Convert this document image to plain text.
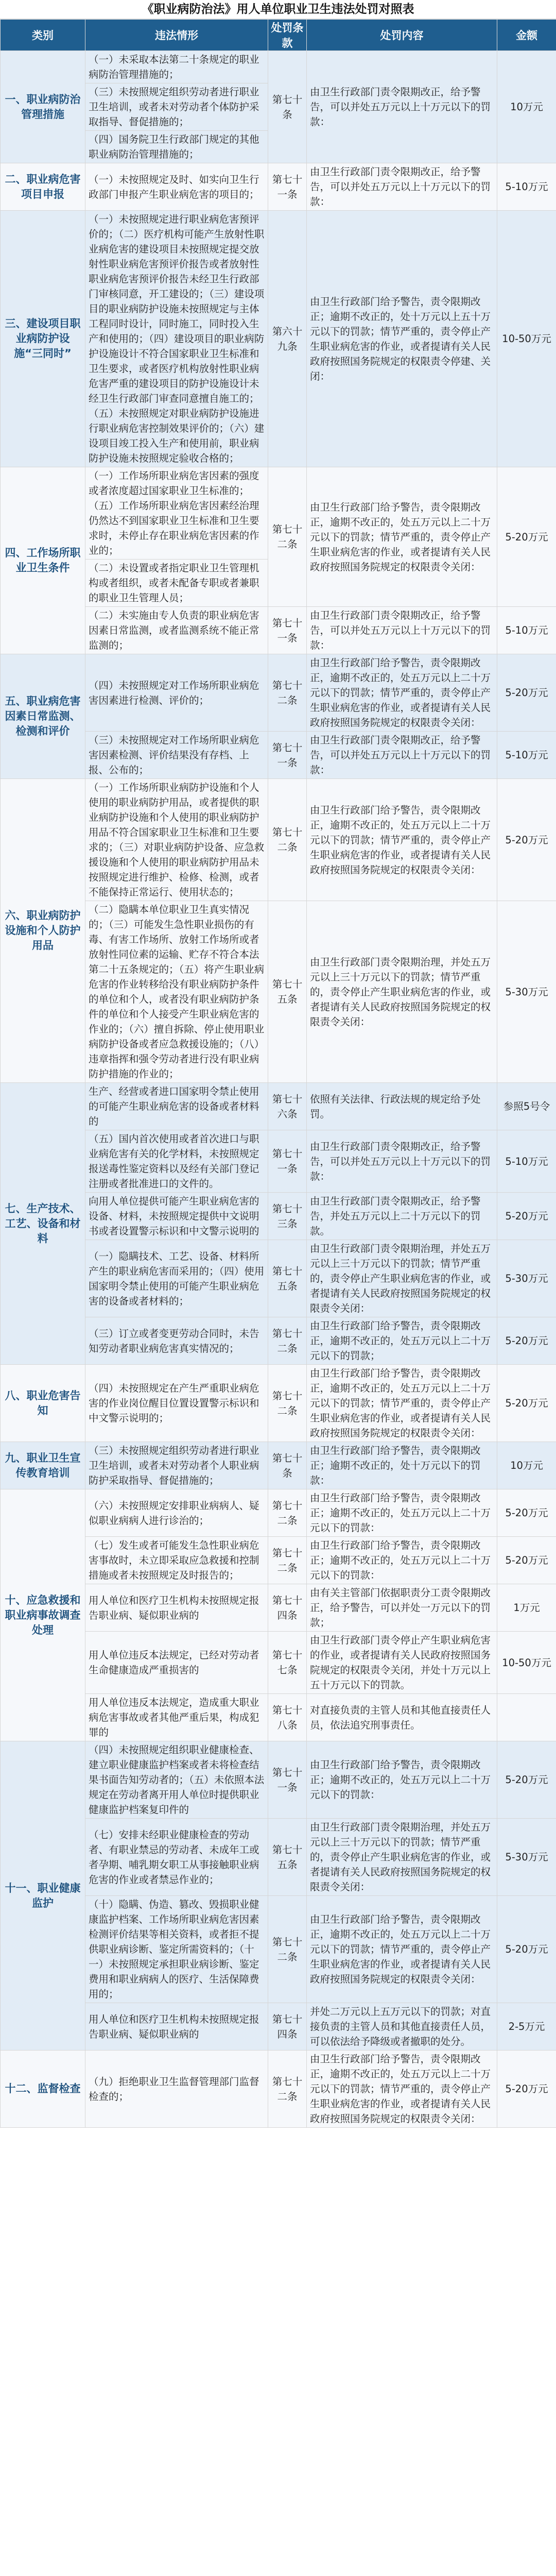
《职业病防治法》用人单位职业卫生违法处罚对照表
类别	违法情形	处罚条款	处罚内容	金额
一、职业病防治管理措施	（一）未采取本法第二十条规定的职业病防治管理措施的；	第七十条	由卫生行政部门责令限期改正，给予警告，可以并处五万元以上十万元以下的罚款：	10万元
	（三）未按照规定组织劳动者进行职业卫生培训，或者未对劳动者个体防护采取指导、督促措施的；			
	（四）国务院卫生行政部门规定的其他职业病防治管理措施的；			
二、职业病危害项目申报	（一）未按照规定及时、如实向卫生行政部门申报产生职业病危害的项目的；	第七十一条	由卫生行政部门责令限期改正，给予警告，可以并处五万元以上十万元以下的罚款：	5-10万元
三、建设项目职业病防护设施“三同时”	（一）未按照规定进行职业病危害预评价的；（二）医疗机构可能产生放射性职业病危害的建设项目未按照规定提交放射性职业病危害预评价报告或者放射性职业病危害预评价报告未经卫生行政部门审核同意，开工建设的；（三）建设项目的职业病防护设施未按照规定与主体工程同时设计，同时施工，同时投入生产和使用的；（四）建设项目的职业病防护设施设计不符合国家职业卫生标准和卫生要求，或者医疗机构放射性职业病危害严重的建设项目的防护设施设计未经卫生行政部门审查同意擅自施工的；（五）未按照规定对职业病防护设施进行职业病危害控制效果评价的；（六）建设项目竣工投入生产和使用前，职业病防护设施未按照规定验收合格的；	第六十九条	由卫生行政部门给予警告，责令限期改正；逾期不改正的，处十万元以上五十万元以下的罚款；情节严重的，责令停止产生职业病危害的作业，或者提请有关人民政府按照国务院规定的权限责令停建、关闭：	10-50万元
四、工作场所职业卫生条件	（一）工作场所职业病危害因素的强度或者浓度超过国家职业卫生标准的；（五）工作场所职业病危害因素经治理仍然达不到国家职业卫生标准和卫生要求时，未停止存在职业病危害因素的作业的；	第七十二条	由卫生行政部门给予警告，责令限期改正，逾期不改正的，处五万元以上二十万元以下的罚款；情节严重的，责令停止产生职业病危害的作业，或者提请有关人民政府按照国务院规定的权限责令关闭：	5-20万元
	（二）未设置或者指定职业卫生管理机构或者组织，或者未配备专职或者兼职的职业卫生管理人员；			
	（二）未实施由专人负责的职业病危害因素日常监测，或者监测系统不能正常监测的；	第七十一条	由卫生行政部门责令限期改正，给予警告，可以并处五万元以上十万元以下的罚款：	5-10万元
五、职业病危害因素日常监测、检测和评价	（四）未按照规定对工作场所职业病危害因素进行检测、评价的；	第七十二条	由卫生行政部门给予警告，责令限期改正，逾期不改正的，处五万元以上二十万元以下的罚款；情节严重的，责令停止产生职业病危害的作业，或者提请有关人民政府按照国务院规定的权限责令关闭：	5-20万元
	（三）未按照规定对工作场所职业病危害因素检测、评价结果没有存档、上报、公布的；	第七十一条	由卫生行政部门责令限期改正，给予警告，可以并处五万元以上十万元以下的罚款：	5-10万元
六、职业病防护设施和个人防护用品	（一）工作场所职业病防护设施和个人使用的职业病防护用品，或者提供的职业病防护设施和个人使用的职业病防护用品不符合国家职业卫生标准和卫生要求的；（三）对职业病防护设备、应急救援设施和个人使用的职业病防护用品未按照规定进行维护、检修、检测，或者不能保持正常运行、使用状态的；	第七十二条	由卫生行政部门给予警告，责令限期改正，逾期不改正的，处五万元以上二十万元以下的罚款；情节严重的，责令停止产生职业病危害的作业，或者提请有关人民政府按照国务院规定的权限责令关闭：	5-20万元
	（二）隐瞒本单位职业卫生真实情况的；（三）可能发生急性职业损伤的有毒、有害工作场所、放射工作场所或者放射性同位素的运输、贮存不符合本法第二十五条规定的；（五）将产生职业病危害的作业转移给没有职业病防护条件的单位和个人，或者没有职业病防护条件的单位和个人接受产生职业病危害的作业的；（六）擅自拆除、停止使用职业病防护设备或者应急救援设施的；（八）违章指挥和强令劳动者进行没有职业病防护措施的作业的；	第七十五条	由卫生行政部门责令限期治理，并处五万元以上三十万元以下的罚款；情节严重的，责令停止产生职业病危害的作业，或者提请有关人民政府按照国务院规定的权限责令关闭：	5-30万元
七、生产技术、工艺、设备和材料	生产、经营或者进口国家明令禁止使用的可能产生职业病危害的设备或者材料的	第七十六条	依照有关法律、行政法规的规定给予处罚。	参照5号令
	（五）国内首次使用或者首次进口与职业病危害有关的化学材料，未按照规定报送毒性鉴定资料以及经有关部门登记注册或者批准进口的文件的。	第七十一条	由卫生行政部门责令限期改正，给予警告，可以并处五万元以上十万元以下的罚款：	5-10万元
	向用人单位提供可能产生职业病危害的设备、材料，未按照规定提供中文说明书或者设置警示标识和中文警示说明的	第七十三条	由卫生行政部门责令限期改正，给予警告，并处五万元以上二十万元以下的罚款。	5-20万元
	（一）隐瞒技术、工艺、设备、材料所产生的职业病危害而采用的；（四）使用国家明令禁止使用的可能产生职业病危害的设备或者材料的；	第七十五条	由卫生行政部门责令限期治理，并处五万元以上三十万元以下的罚款；情节严重的，责令停止产生职业病危害的作业，或者提请有关人民政府按照国务院规定的权限责令关闭：	5-30万元
	（三）订立或者变更劳动合同时，未告知劳动者职业病危害真实情况的；	第七十二条	由卫生行政部门给予警告，责令限期改正，逾期不改正的，处五万元以上二十万元以下的罚款；	5-20万元
八、职业危害告知	（四）未按照规定在产生严重职业病危害的作业岗位醒目位置设置警示标识和中文警示说明的；	第七十二条	由卫生行政部门给予警告，责令限期改正，逾期不改正的，处五万元以上二十万元以下的罚款；情节严重的，责令停止产生职业病危害的作业，或者提请有关人民政府按照国务院规定的权限责令关闭：	5-20万元
九、职业卫生宣传教育培训	（三）未按照规定组织劳动者进行职业卫生培训，或者未对劳动者个人职业病防护采取指导、督促措施的；	第七十条	由卫生行政部门给予警告，责令限期改正；逾期不改正的，处十万元以下的罚款：	10万元
十、应急救援和职业病事故调查处理	（六）未按照规定安排职业病病人、疑似职业病病人进行诊治的；	第七十二条	由卫生行政部门给予警告，责令限期改正；逾期不改正的，处五万元以上二十万元以下的罚款：	5-20万元
	（七）发生或者可能发生急性职业病危害事故时，未立即采取应急救援和控制措施或者未按照规定及时报告的；	第七十二条	由卫生行政部门给予警告，责令限期改正；逾期不改正的，处五万元以上二十万元以下的罚款：	5-20万元
	用人单位和医疗卫生机构未按照规定报告职业病、疑似职业病的	第七十四条	由有关主管部门依据职责分工责令限期改正，给予警告，可以并处一万元以下的罚款；	1万元
	用人单位违反本法规定，已经对劳动者生命健康造成严重损害的	第七十七条	由卫生行政部门责令停止产生职业病危害的作业，或者提请有关人民政府按照国务院规定的权限责令关闭，并处十万元以上五十万元以下的罚款。	10-50万元
	用人单位违反本法规定，造成重大职业病危害事故或者其他严重后果，构成犯罪的	第七十八条	对直接负责的主管人员和其他直接责任人员，依法追究刑事责任。	
十一、职业健康监护	（四）未按照规定组织职业健康检查、建立职业健康监护档案或者未将检查结果书面告知劳动者的；（五）未依照本法规定在劳动者离开用人单位时提供职业健康监护档案复印件的	第七十一条	由卫生行政部门给予警告，责令限期改正；逾期不改正的，处五万元以上二十万元以下的罚款：	5-20万元
	（七）安排未经职业健康检查的劳动者、有职业禁忌的劳动者、未成年工或者孕期、哺乳期女职工从事接触职业病危害的作业或者禁忌作业的；	第七十五条	由卫生行政部门责令限期治理，并处五万元以上三十万元以下的罚款；情节严重的，责令停止产生职业病危害的作业，或者提请有关人民政府按照国务院规定的权限责令关闭：	5-30万元
	（十）隐瞒、伪造、篡改、毁损职业健康监护档案、工作场所职业病危害因素检测评价结果等相关资料，或者拒不提供职业病诊断、鉴定所需资料的；（十一）未按照规定承担职业病诊断、鉴定费用和职业病病人的医疗、生活保障费用的；	第七十二条	由卫生行政部门给予警告，责令限期改正，逾期不改正的，处五万元以上二十万元以下的罚款；情节严重的，责令停止产生职业病危害的作业，或者提请有关人民政府按照国务院规定的权限责令关闭：	5-20万元
	用人单位和医疗卫生机构未按照规定报告职业病、疑似职业病的	第七十四条	并处二万元以上五万元以下的罚款；对直接负责的主管人员和其他直接责任人员，可以依法给予降级或者撤职的处分。	2-5万元
十二、监督检查	（九）拒绝职业卫生监督管理部门监督检查的；	第七十二条	由卫生行政部门给予警告，责令限期改正，逾期不改正的，处五万元以上二十万元以下的罚款；情节严重的，责令停止产生职业病危害的作业，或者提请有关人民政府按照国务院规定的权限责令关闭：	5-20万元
